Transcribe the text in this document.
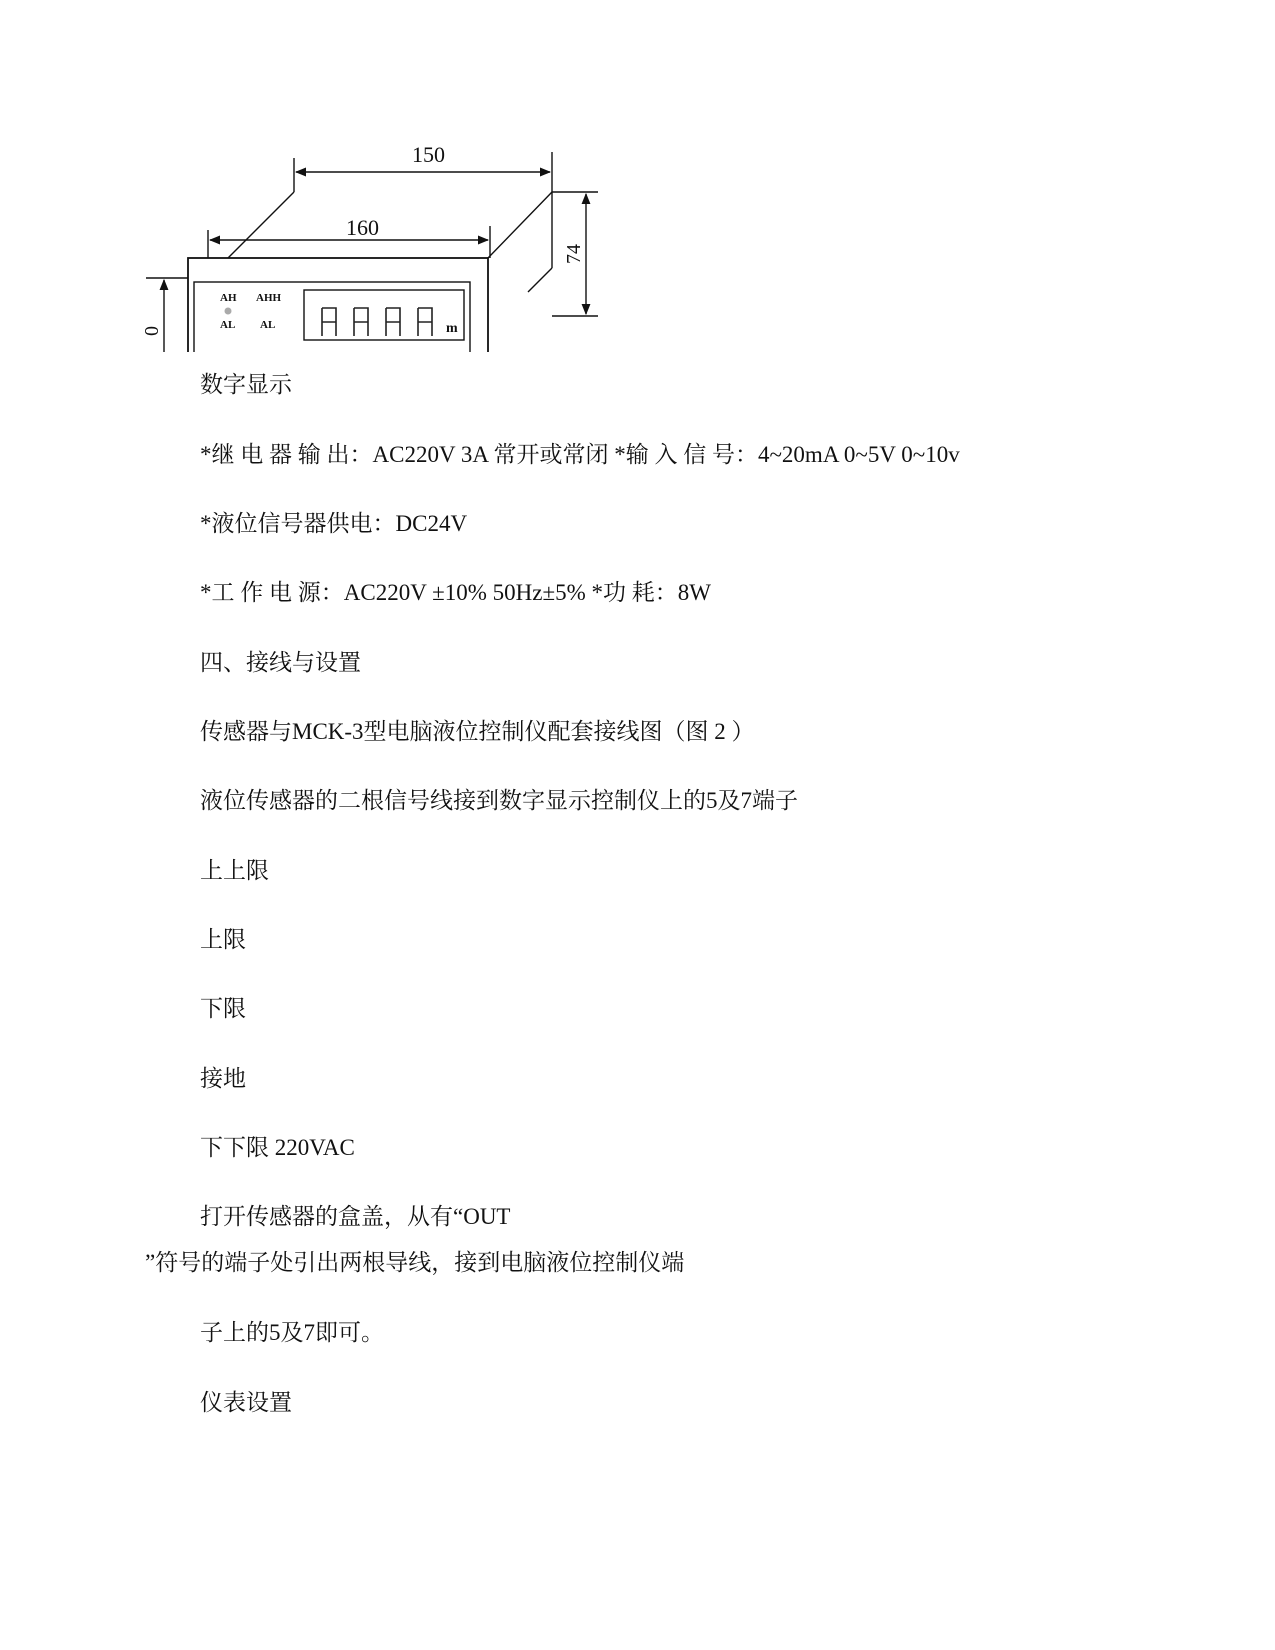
150
160
74
0
AH AHH
AL AL	m
数字显示
*继 电 器 输 出：AC220V 3A 常开或常闭 *输 入 信 号：4~20mA 0~5V 0~10v
*液位信号器供电：DC24V
*工 作 电 源：AC220V ±10% 50Hz±5% *功 耗：8W
四、接线与设置
传感器与MCK-3型电脑液位控制仪配套接线图（图 2 ）
液位传感器的二根信号线接到数字显示控制仪上的5及7端子
上上限
上限
下限
接地
下下限 220VAC
打开传感器的盒盖，从有“OUT
”符号的端子处引出两根导线，接到电脑液位控制仪端
子上的5及7即可。
仪表设置
